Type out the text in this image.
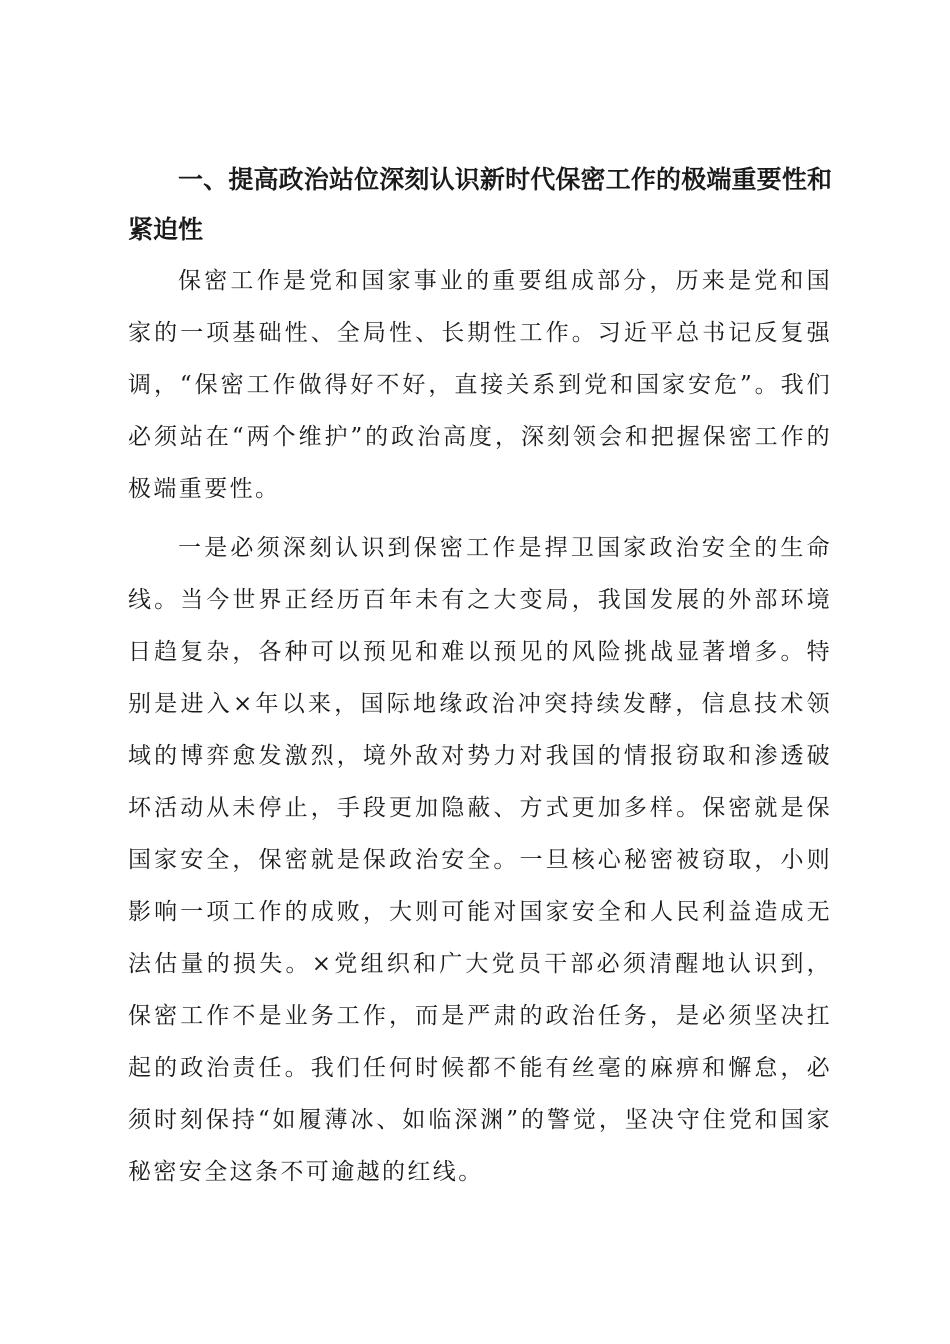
一、提高政治站位深刻认识新时代保密工作的极端重要性和紧迫性

保密工作是党和国家事业的重要组成部分，历来是党和国家的一项基础性、全局性、长期性工作。习近平总书记反复强调，“保密工作做得好不好，直接关系到党和国家安危”。我们必须站在“两个维护”的政治高度，深刻领会和把握保密工作的极端重要性。

一是必须深刻认识到保密工作是捍卫国家政治安全的生命线。当今世界正经历百年未有之大变局，我国发展的外部环境日趋复杂，各种可以预见和难以预见的风险挑战显著增多。特别是进入×年以来，国际地缘政治冲突持续发酵，信息技术领域的博弈愈发激烈，境外敌对势力对我国的情报窃取和渗透破坏活动从未停止，手段更加隐蔽、方式更加多样。保密就是保国家安全，保密就是保政治安全。一旦核心秘密被窃取，小则影响一项工作的成败，大则可能对国家安全和人民利益造成无法估量的损失。×党组织和广大党员干部必须清醒地认识到，保密工作不是业务工作，而是严肃的政治任务，是必须坚决扛起的政治责任。我们任何时候都不能有丝毫的麻痹和懈怠，必须时刻保持“如履薄冰、如临深渊”的警觉，坚决守住党和国家秘密安全这条不可逾越的红线。
